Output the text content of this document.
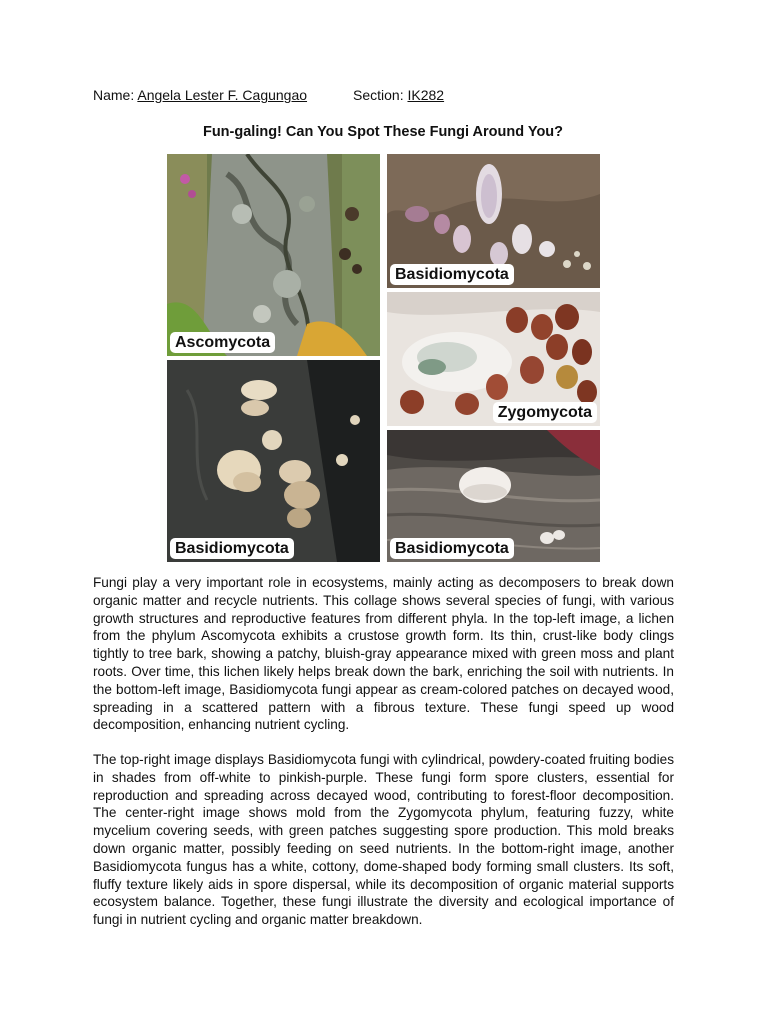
Name: Angela Lester F. Cagungao	Section: IK282
Fun-galing! Can You Spot These Fungi Around You?
Ascomycota
Basidiomycota
Zygomycota
Basidiomycota	Basidiomycota

Fungi play a very important role in ecosystems, mainly acting as decomposers to break down organic matter and recycle nutrients. This collage shows several species of fungi, with various growth structures and reproductive features from different phyla. In the top-left image, a lichen from the phylum Ascomycota exhibits a crustose growth form. Its thin, crust-like body clings tightly to tree bark, showing a patchy, bluish-gray appearance mixed with green moss and plant roots. Over time, this lichen likely helps break down the bark, enriching the soil with nutrients. In the bottom-left image, Basidiomycota fungi appear as cream-colored patches on decayed wood, spreading in a scattered pattern with a fibrous texture. These fungi speed up wood decomposition, enhancing nutrient cycling.

The top-right image displays Basidiomycota fungi with cylindrical, powdery-coated fruiting bodies in shades from off-white to pinkish-purple. These fungi form spore clusters, essential for reproduction and spreading across decayed wood, contributing to forest-floor decomposition. The center-right image shows mold from the Zygomycota phylum, featuring fuzzy, white mycelium covering seeds, with green patches suggesting spore production. This mold breaks down organic matter, possibly feeding on seed nutrients. In the bottom-right image, another Basidiomycota fungus has a white, cottony, dome-shaped body forming small clusters. Its soft, fluffy texture likely aids in spore dispersal, while its decomposition of organic material supports ecosystem balance. Together, these fungi illustrate the diversity and ecological importance of fungi in nutrient cycling and organic matter breakdown.
